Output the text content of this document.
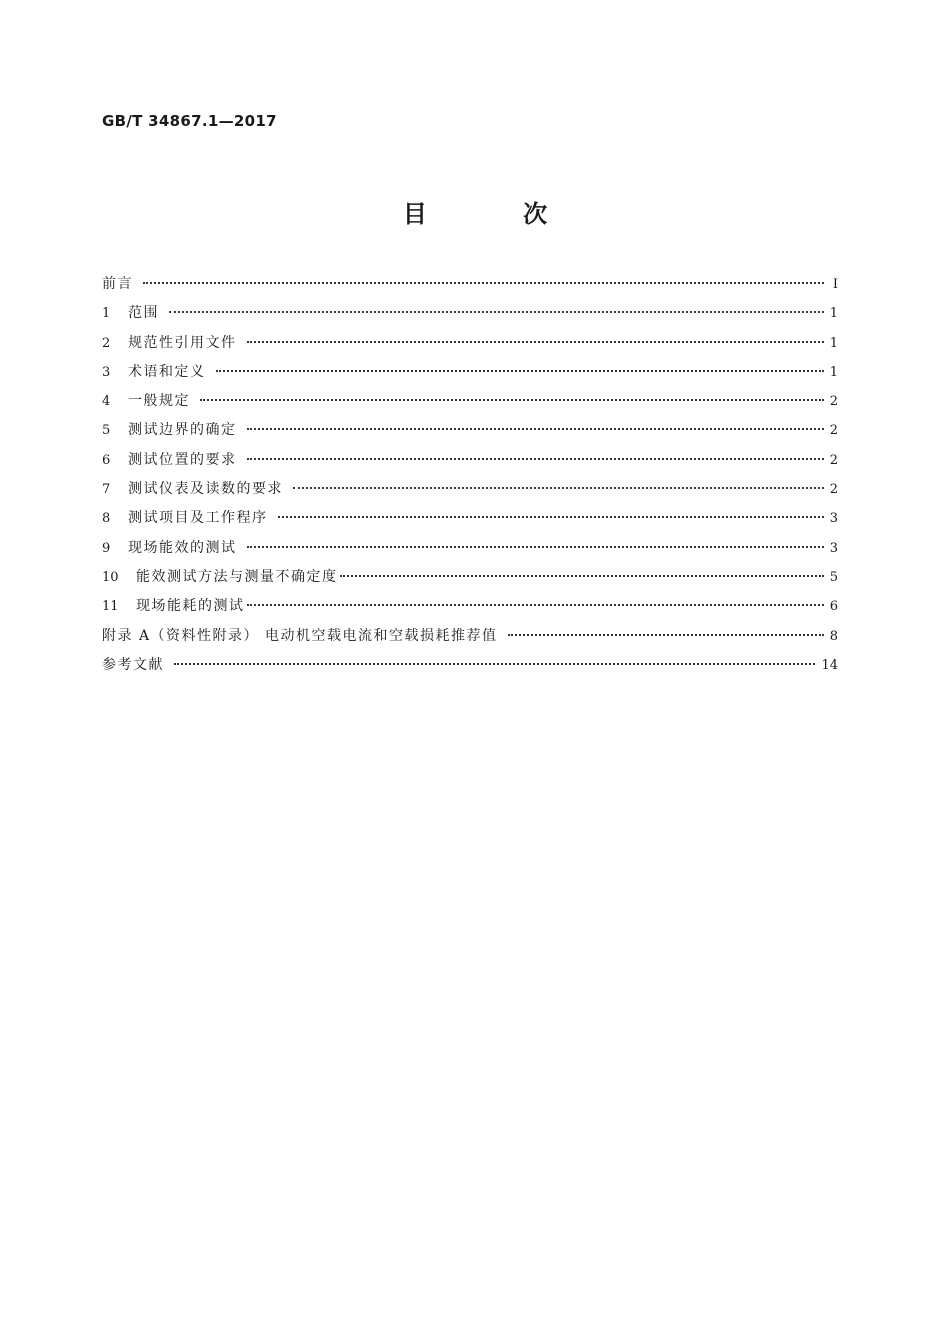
GB/T 34867.1—2017
目 次
前言	Ⅰ
1	范围	1
2	规范性引用文件	1
3	术语和定义	1
4	一般规定	2
5	测试边界的确定	2
6	测试位置的要求	2
7	测试仪表及读数的要求	2
8	测试项目及工作程序	3
9	现场能效的测试	3
10	能效测试方法与测量不确定度	5
11	现场能耗的测试	6
附录 A（资料性附录） 电动机空载电流和空载损耗推荐值	8
参考文献	14
